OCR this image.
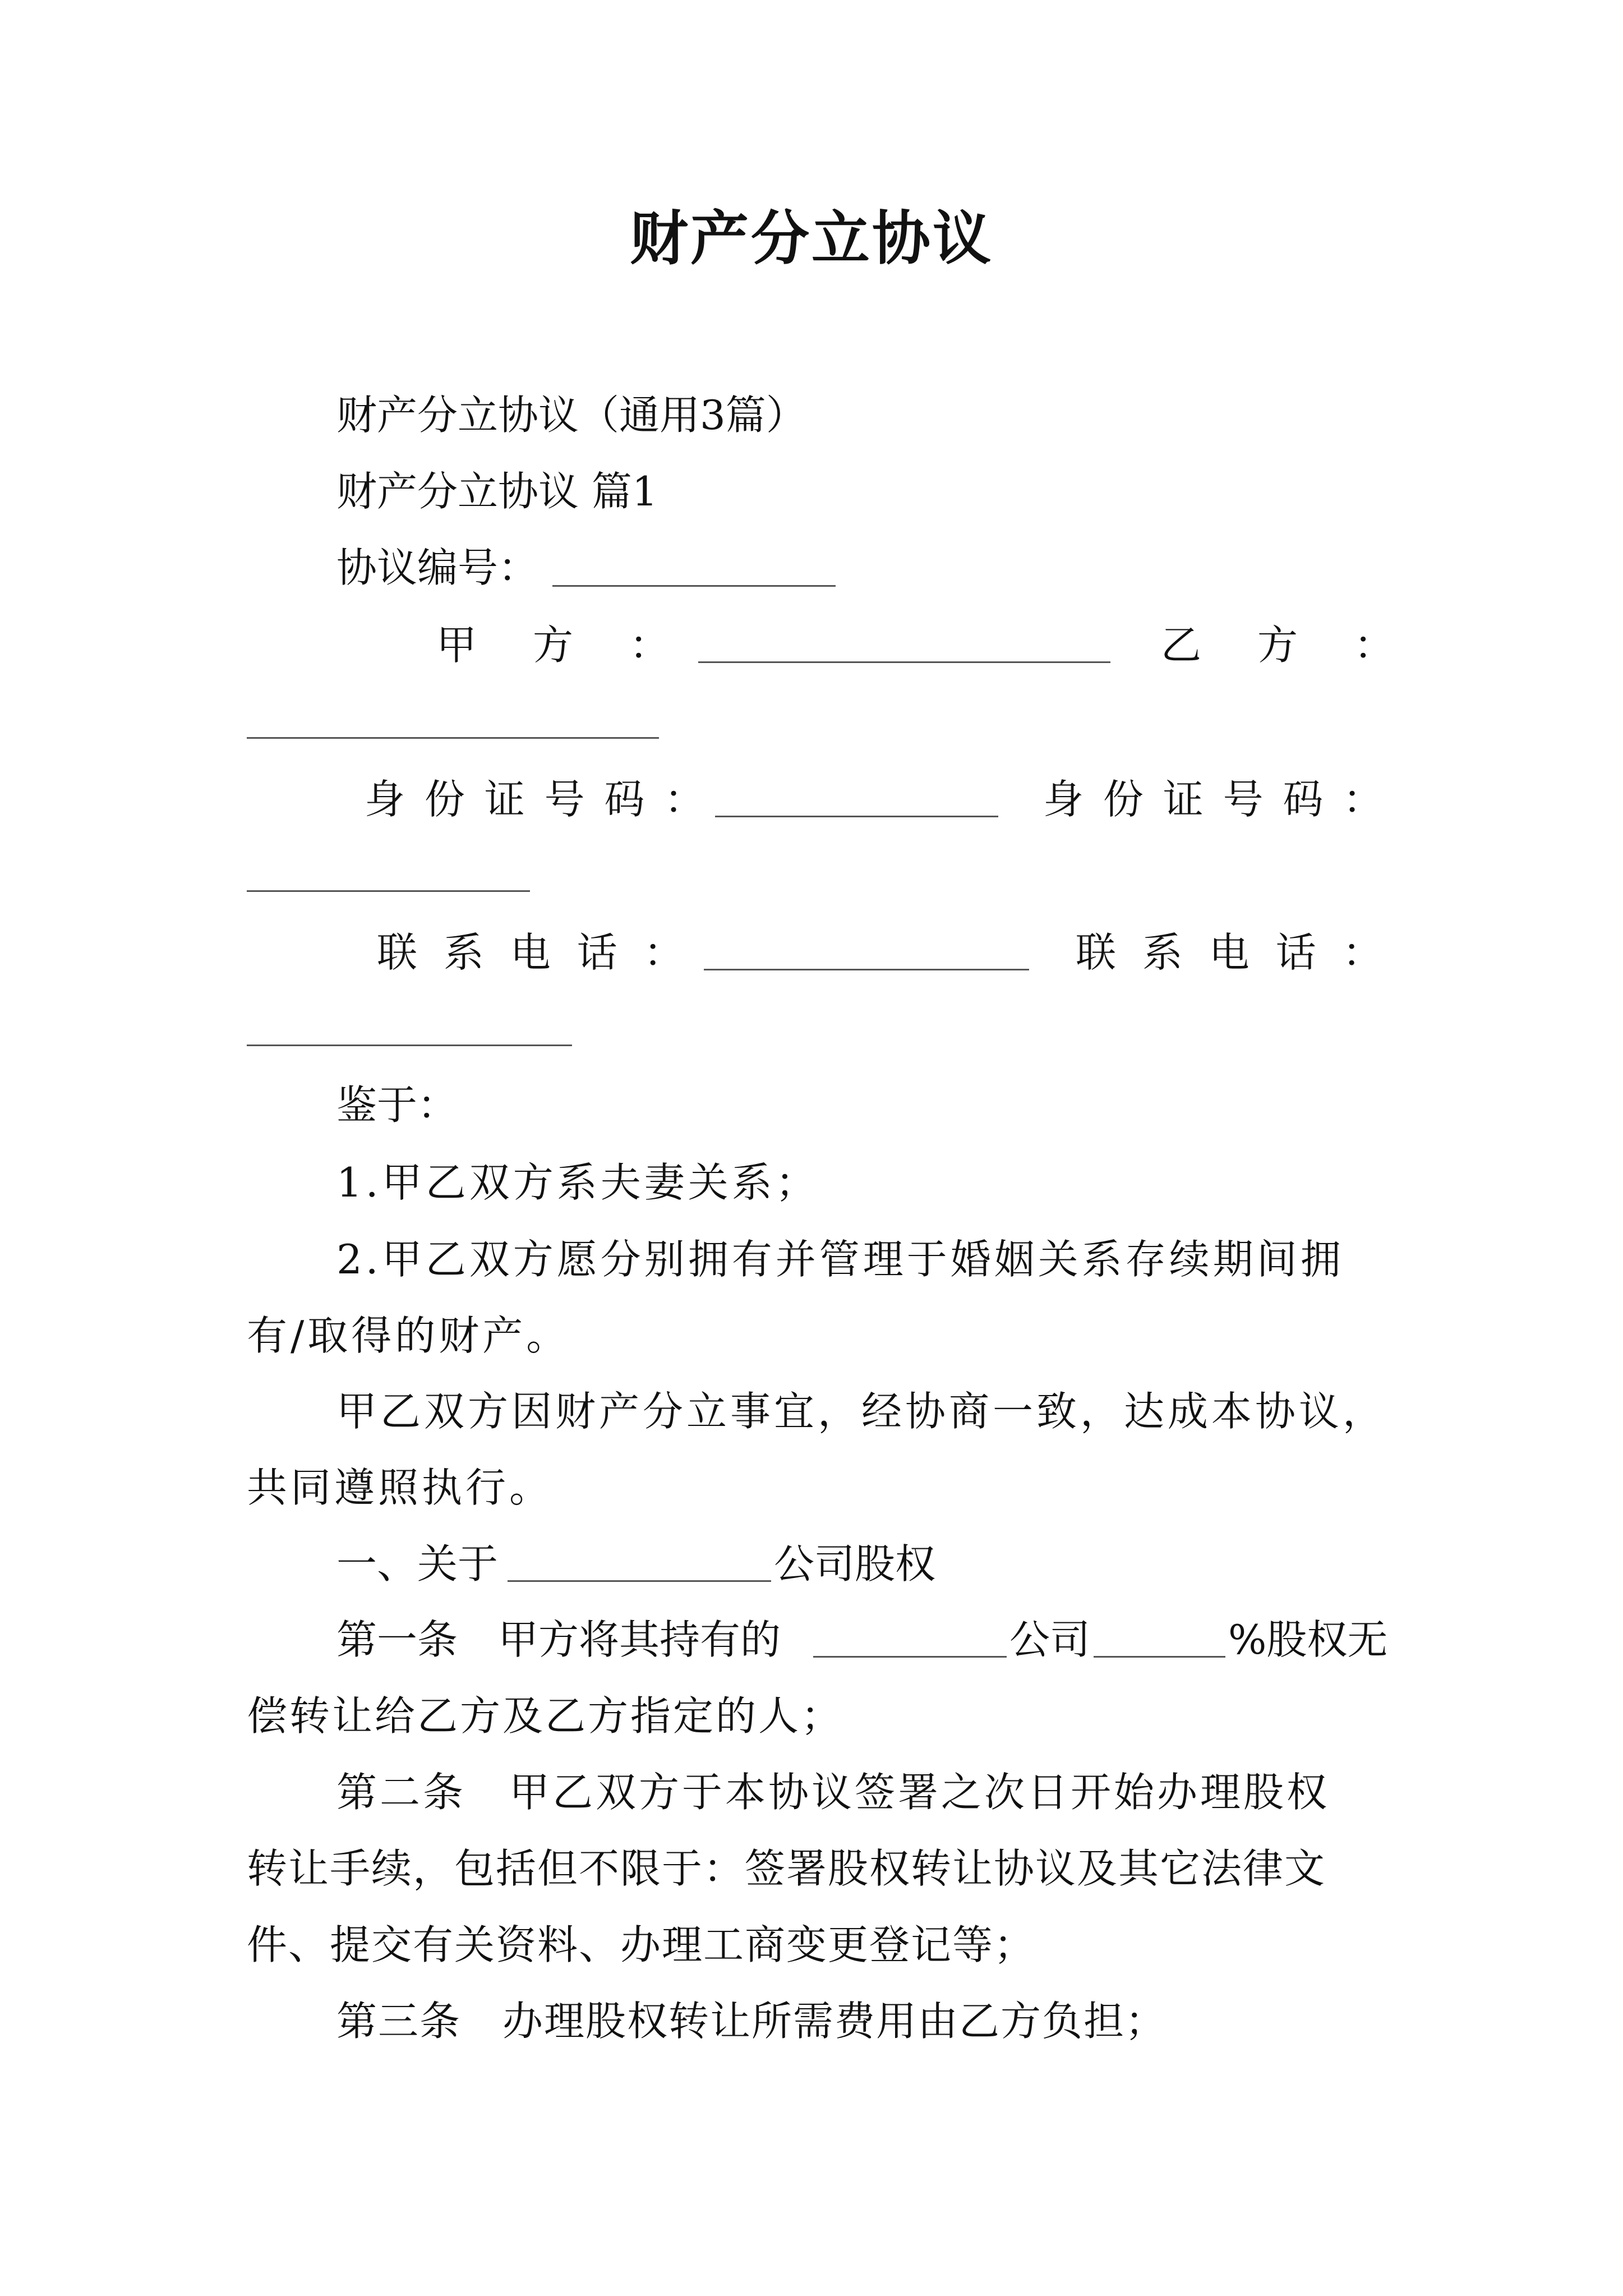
财产分立协议
财产分立协议（通用3篇）
财产分立协议 篇1
协议编号：
甲　方　：	乙　方　：
身 份 证 号 码 ：	身 份 证 号 码 ：
联 系 电 话 ：	联 系 电 话 ：
鉴于：
1.甲乙双方系夫妻关系；
2.甲乙双方愿分别拥有并管理于婚姻关系存续期间拥
有/取得的财产。
甲乙双方因财产分立事宜，经协商一致，达成本协议，
共同遵照执行。
一、关于	公司股权
第一条　甲方将其持有的	公司	%股权无
偿转让给乙方及乙方指定的人；
第二条　甲乙双方于本协议签署之次日开始办理股权
转让手续，包括但不限于：签署股权转让协议及其它法律文
件、提交有关资料、办理工商变更登记等；
第三条　办理股权转让所需费用由乙方负担；
